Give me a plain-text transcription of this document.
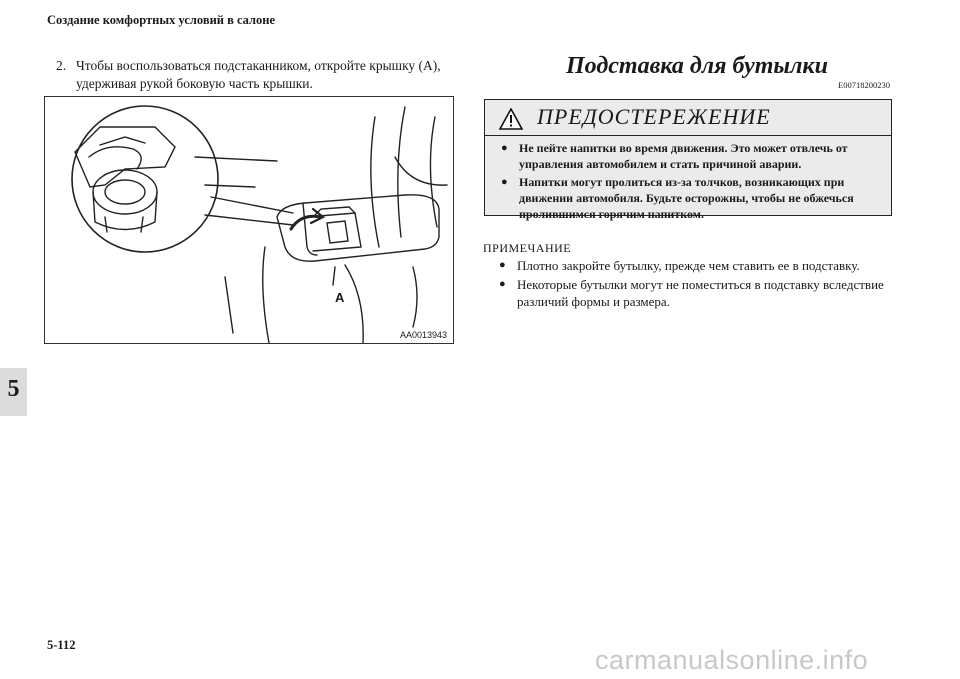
Создание комфортных условий в салоне
2. Чтобы воспользоваться подстаканником, откройте крышку (A), удерживая рукой боковую часть крышки.
A
AA0013943
Подставка для бутылки
E00718200230
ПРЕДОСТЕРЕЖЕНИЕ
● Не пейте напитки во время движения. Это может отвлечь от управления автомобилем и стать причиной аварии.
● Напитки могут пролиться из-за толчков, возникающих при движении автомобиля. Будьте осторожны, чтобы не обжечься пролившимся горячим напитком.
ПРИМЕЧАНИЕ
● Плотно закройте бутылку, прежде чем ставить ее в подставку.
● Некоторые бутылки могут не поместиться в подставку вследствие различий формы и размера.
5
5-112	carmanualsonline.info
